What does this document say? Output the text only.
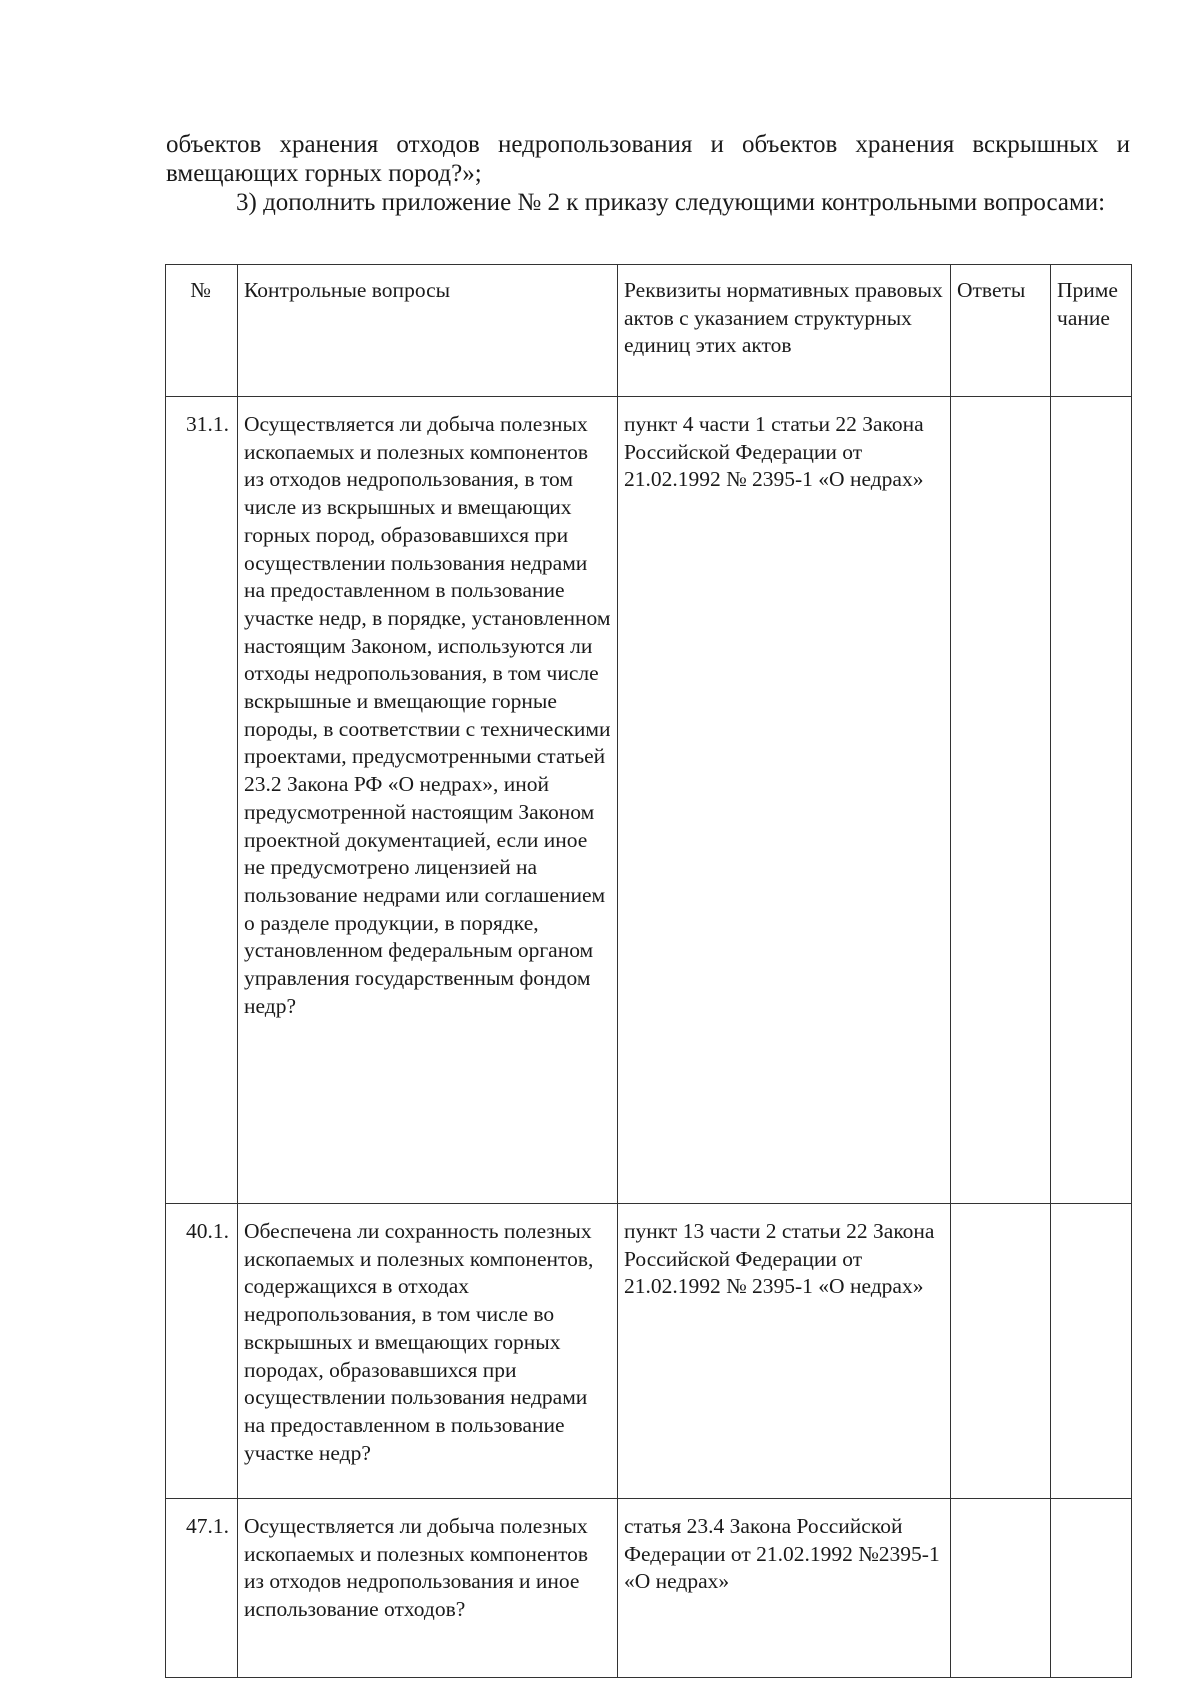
объектов хранения отходов недропользования и объектов хранения вскрышных и вмещающих горных пород?»;

3) дополнить приложение № 2 к приказу следующими контрольными вопросами:

№	Контрольные вопросы	Реквизиты нормативных правовых актов с указанием структурных единиц этих актов	Ответы	Приме чание
31.1.	Осуществляется ли добыча полезных ископаемых и полезных компонентов из отходов недропользования, в том числе из вскрышных и вмещающих горных пород, образовавшихся при осуществлении пользования недрами на предоставленном в пользование участке недр, в порядке, установленном настоящим Законом, используются ли отходы недропользования, в том числе вскрышные и вмещающие горные породы, в соответствии с техническими проектами, предусмотренными статьей 23.2 Закона РФ «О недрах», иной предусмотренной настоящим Законом проектной документацией, если иное не предусмотрено лицензией на пользование недрами или соглашением о разделе продукции, в порядке, установленном федеральным органом управления государственным фондом недр?	пункт 4 части 1 статьи 22 Закона Российской Федерации от 21.02.1992 № 2395-1 «О недрах»		
40.1.	Обеспечена ли сохранность полезных ископаемых и полезных компонентов, содержащихся в отходах недропользования, в том числе во вскрышных и вмещающих горных породах, образовавшихся при осуществлении пользования недрами на предоставленном в пользование участке недр?	пункт 13 части 2 статьи 22 Закона Российской Федерации от 21.02.1992 № 2395-1 «О недрах»		
47.1.	Осуществляется ли добыча полезных ископаемых и полезных компонентов из отходов недропользования и иное использование отходов?	статья 23.4 Закона Российской Федерации от 21.02.1992 №2395-1 «О недрах»		
